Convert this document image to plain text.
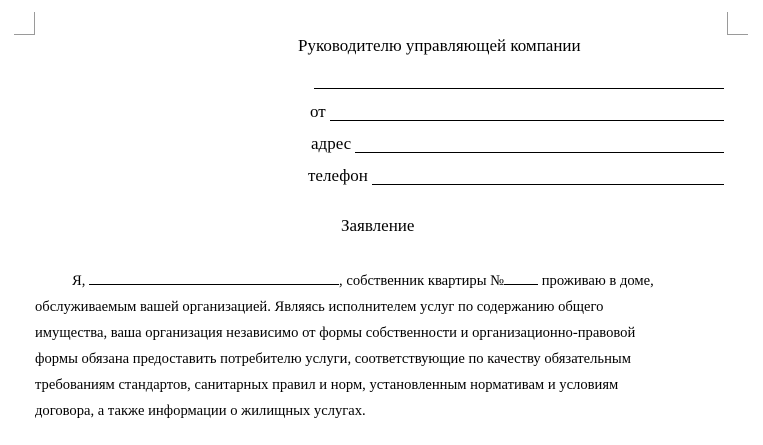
Руководителю управляющей компании
от
адрес
телефон
Заявление
Я,	, собственник квартиры № проживаю в доме,
обслуживаемым вашей организацией. Являясь исполнителем услуг по содержанию общего
имущества, ваша организация независимо от формы собственности и организационно-правовой
формы обязана предоставить потребителю услуги, соответствующие по качеству обязательным
требованиям стандартов, санитарных правил и норм, установленным нормативам и условиям
договора, а также информации о жилищных услугах.
